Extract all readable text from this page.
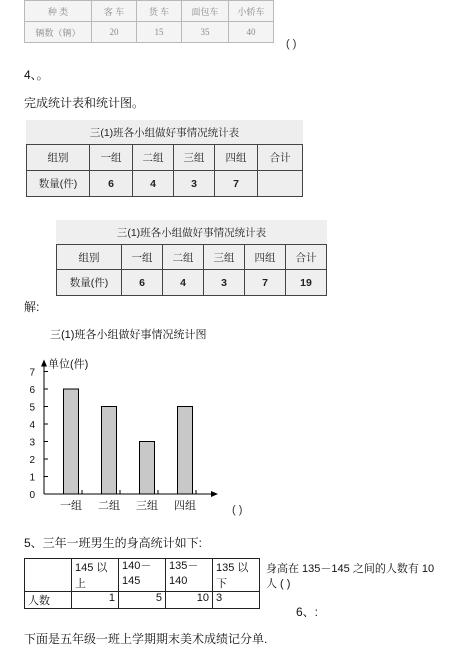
种 类	客 车	货 车	面包车	小轿车
辆数（辆）	20	15	35	40
( )
4、。
完成统计表和统计图。
三(1)班各小组做好事情况统计表					
组别	一组	二组	三组	四组	合计
数量(件)	6	4	3	7	
三(1)班各小组做好事情况统计表					
组别	一组	二组	三组	四组	合计
数量(件)	6	4	3	7	19
解:
三(1)班各小组做好事情况统计图
单位(件)
0
1
2
3
4
5
6
7
一组 二组 三组 四组	( )
5、三年一班男生的身高统计如下:
	145 以上	140－145	135－140	135 以下
人数	1	5	10	3
身高在 135－145 之间的人数有 10
人 ( )
6、:
下面是五年级一班上学期期末美术成绩记分单.
